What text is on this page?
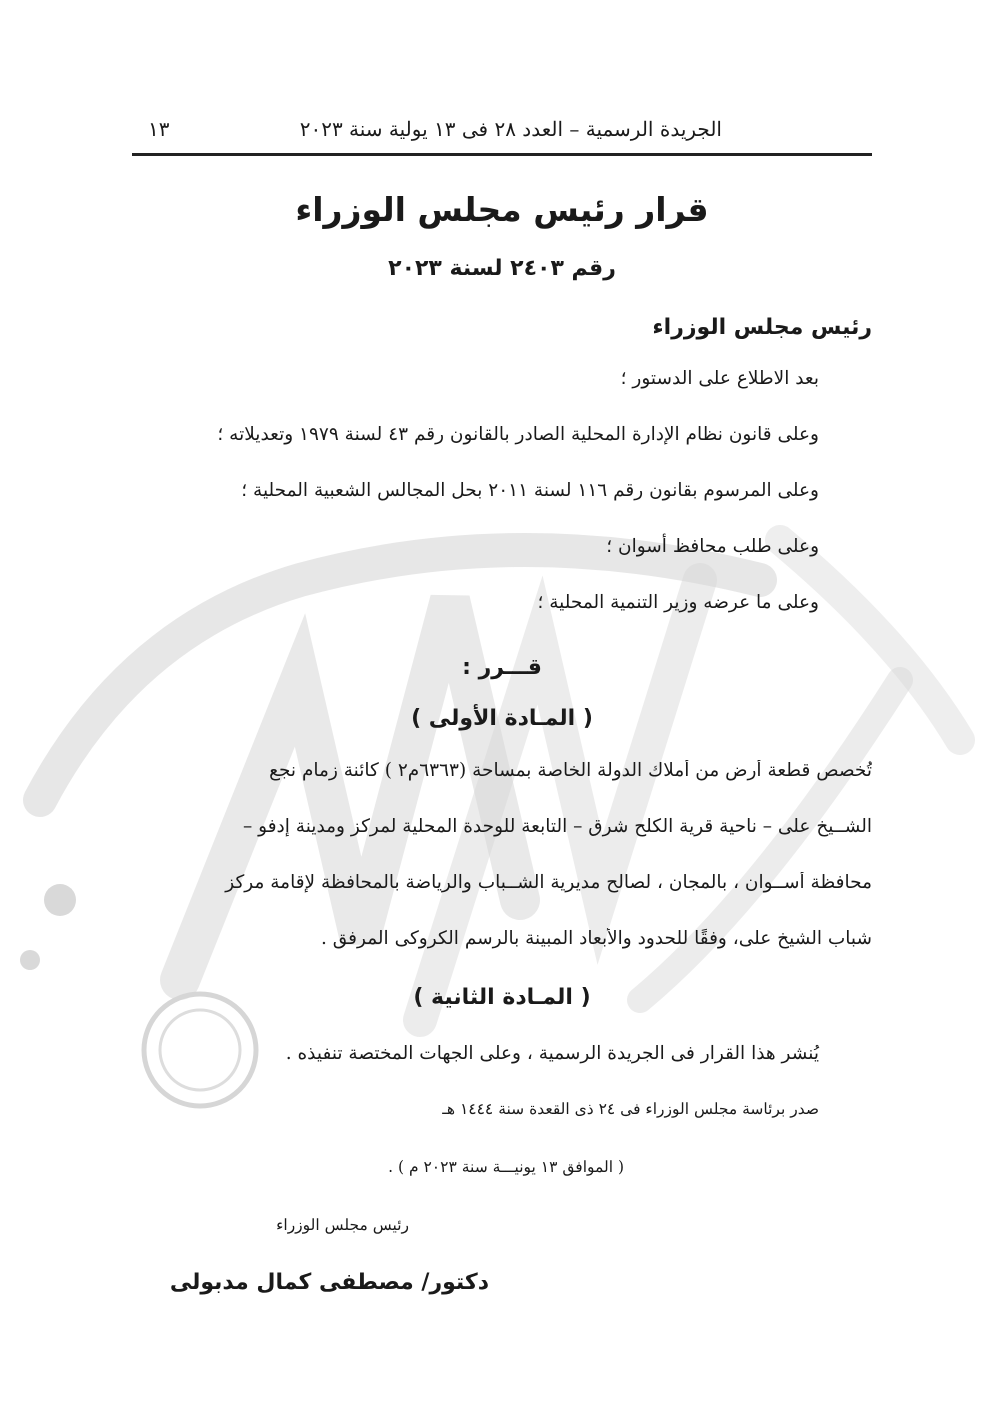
الجريدة الرسمية – العدد ٢٨ فى ١٣ يولية سنة ٢٠٢٣
١٣
قرار رئيس مجلس الوزراء
رقم ٢٤٠٣ لسنة ٢٠٢٣
رئيس مجلس الوزراء
بعد الاطلاع على الدستور ؛
وعلى قانون نظام الإدارة المحلية الصادر بالقانون رقم ٤٣ لسنة ١٩٧٩ وتعديلاته ؛
وعلى المرسوم بقانون رقم ١١٦ لسنة ٢٠١١ بحل المجالس الشعبية المحلية ؛
وعلى طلب محافظ أسوان ؛
وعلى ما عرضه وزير التنمية المحلية ؛
قـــرر :
( المـادة الأولى )
تُخصص قطعة أرض من أملاك الدولة الخاصة بمساحة (٦٣٦٣م٢ ) كائنة زمام نجع
الشــيخ على – ناحية قرية الكلح شرق – التابعة للوحدة المحلية لمركز ومدينة إدفو –
محافظة أســوان ، بالمجان ، لصالح مديرية الشــباب والرياضة بالمحافظة لإقامة مركز
شباب الشيخ على، وفقًا للحدود والأبعاد المبينة بالرسم الكروكى المرفق .
( المـادة الثانية )
يُنشر هذا القرار فى الجريدة الرسمية ، وعلى الجهات المختصة تنفيذه .
صدر برئاسة مجلس الوزراء فى ٢٤ ذى القعدة سنة ١٤٤٤ هـ
( الموافق ١٣ يونيـــة سنة ٢٠٢٣ م ) .
رئيس مجلس الوزراء
دكتور/ مصطفى كمال مدبولى
